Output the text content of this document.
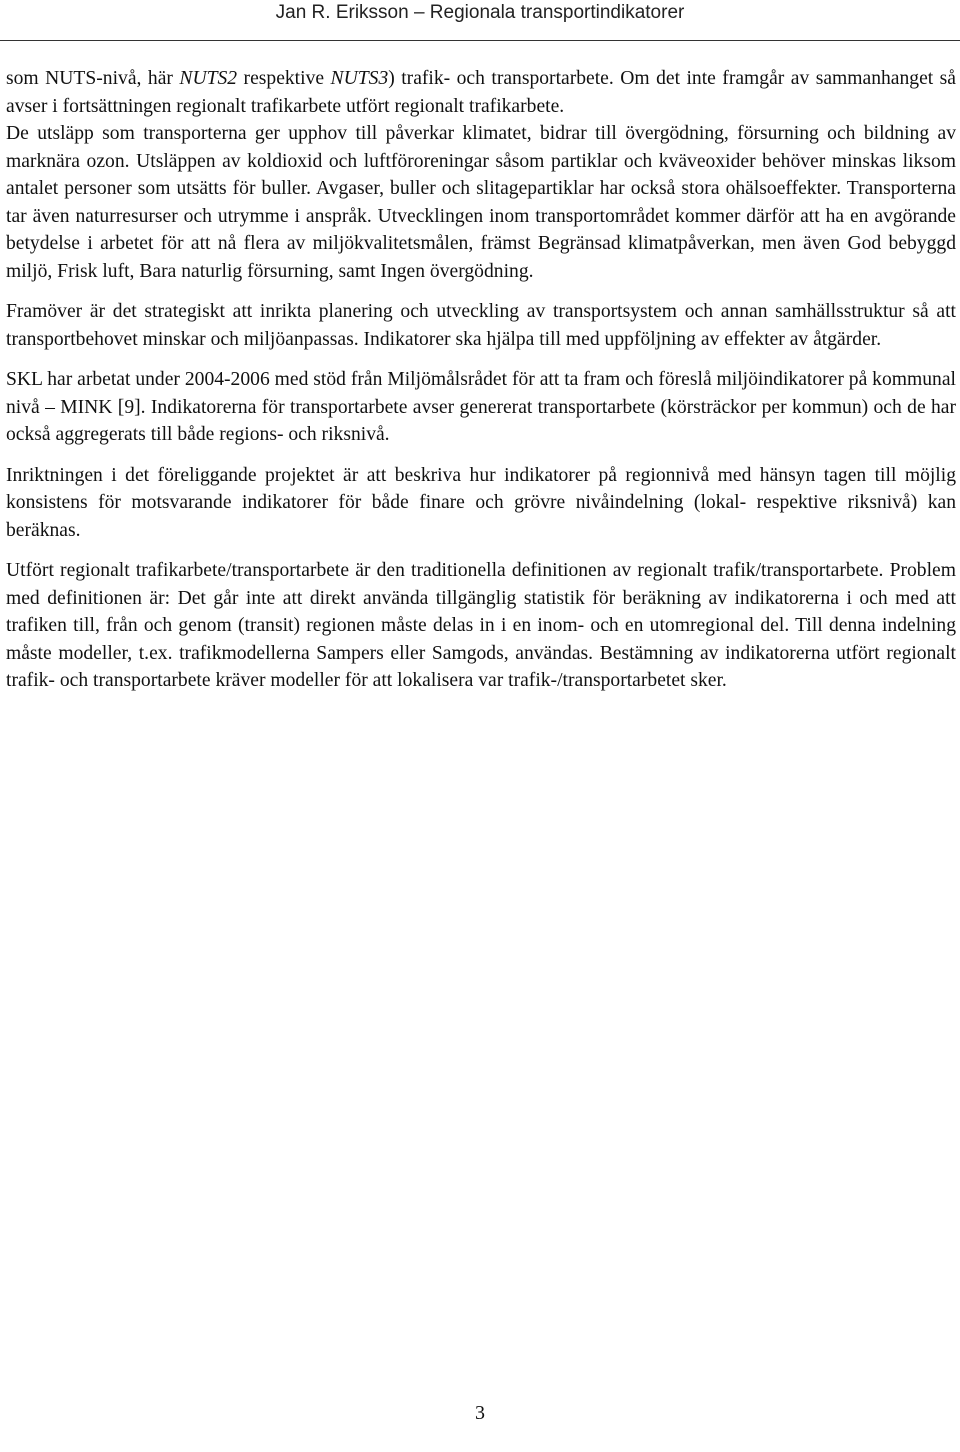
Jan R. Eriksson – Regionala transportindikatorer

som NUTS-nivå, här NUTS2 respektive NUTS3) trafik- och transportarbete. Om det inte framgår av sammanhanget så avser i fortsättningen regionalt trafikarbete utfört regionalt trafikarbete.

De utsläpp som transporterna ger upphov till påverkar klimatet, bidrar till övergödning, försurning och bildning av marknära ozon. Utsläppen av koldioxid och luftföroreningar såsom partiklar och kväveoxider behöver minskas liksom antalet personer som utsätts för buller. Avgaser, buller och slitagepartiklar har också stora ohälsoeffekter. Transporterna tar även naturresurser och utrymme i anspråk. Utvecklingen inom transportområdet kommer därför att ha en avgörande betydelse i arbetet för att nå flera av miljökvalitetsmålen, främst Begränsad klimatpåverkan, men även God bebyggd miljö, Frisk luft, Bara naturlig försurning, samt Ingen övergödning.

Framöver är det strategiskt att inrikta planering och utveckling av transportsystem och annan samhällsstruktur så att transportbehovet minskar och miljöanpassas. Indikatorer ska hjälpa till med uppföljning av effekter av åtgärder.

SKL har arbetat under 2004-2006 med stöd från Miljömålsrådet för att ta fram och föreslå miljöindikatorer på kommunal nivå – MINK [9]. Indikatorerna för transportarbete avser genererat transportarbete (körsträckor per kommun) och de har också aggregerats till både regions- och riksnivå.

Inriktningen i det föreliggande projektet är att beskriva hur indikatorer på regionnivå med hänsyn tagen till möjlig konsistens för motsvarande indikatorer för både finare och grövre nivåindelning (lokal- respektive riksnivå) kan beräknas.

Utfört regionalt trafikarbete/transportarbete är den traditionella definitionen av regionalt trafik/transportarbete. Problem med definitionen är: Det går inte att direkt använda tillgänglig statistik för beräkning av indikatorerna i och med att trafiken till, från och genom (transit) regionen måste delas in i en inom- och en utomregional del. Till denna indelning måste modeller, t.ex. trafikmodellerna Sampers eller Samgods, användas. Bestämning av indikatorerna utfört regionalt trafik- och transportarbete kräver modeller för att lokalisera var trafik-/transportarbetet sker.

3
